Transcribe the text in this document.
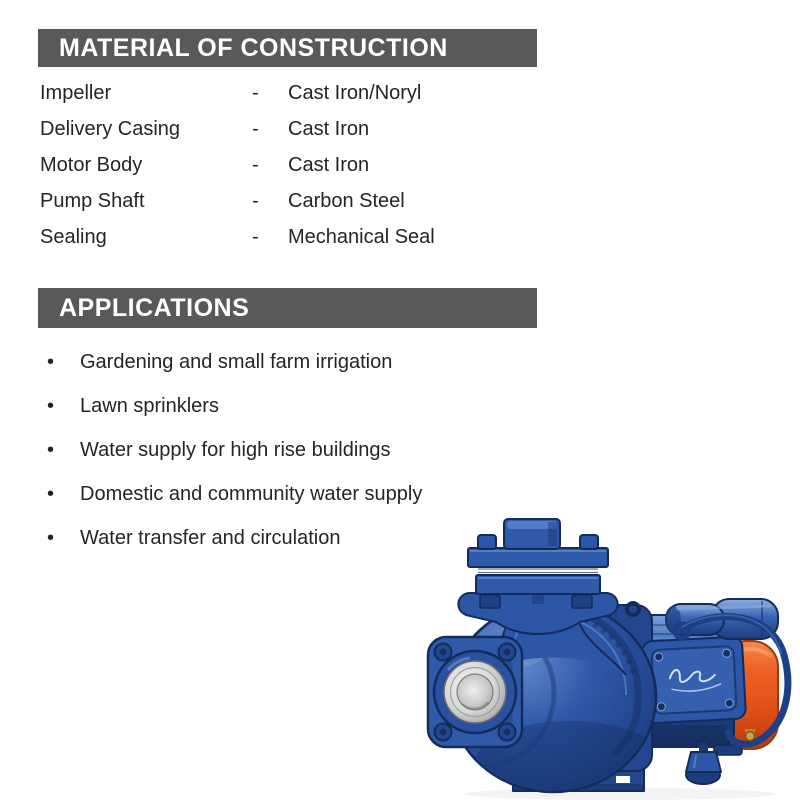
MATERIAL OF CONSTRUCTION
Impeller	-	Cast Iron/Noryl
Delivery Casing	-	Cast Iron
Motor Body	-	Cast Iron
Pump Shaft	-	Carbon Steel
Sealing	-	Mechanical Seal
APPLICATIONS
•	Gardening and small farm irrigation
•	Lawn sprinklers
•	Water supply for high rise buildings
•	Domestic and community water supply
•	Water transfer and circulation
